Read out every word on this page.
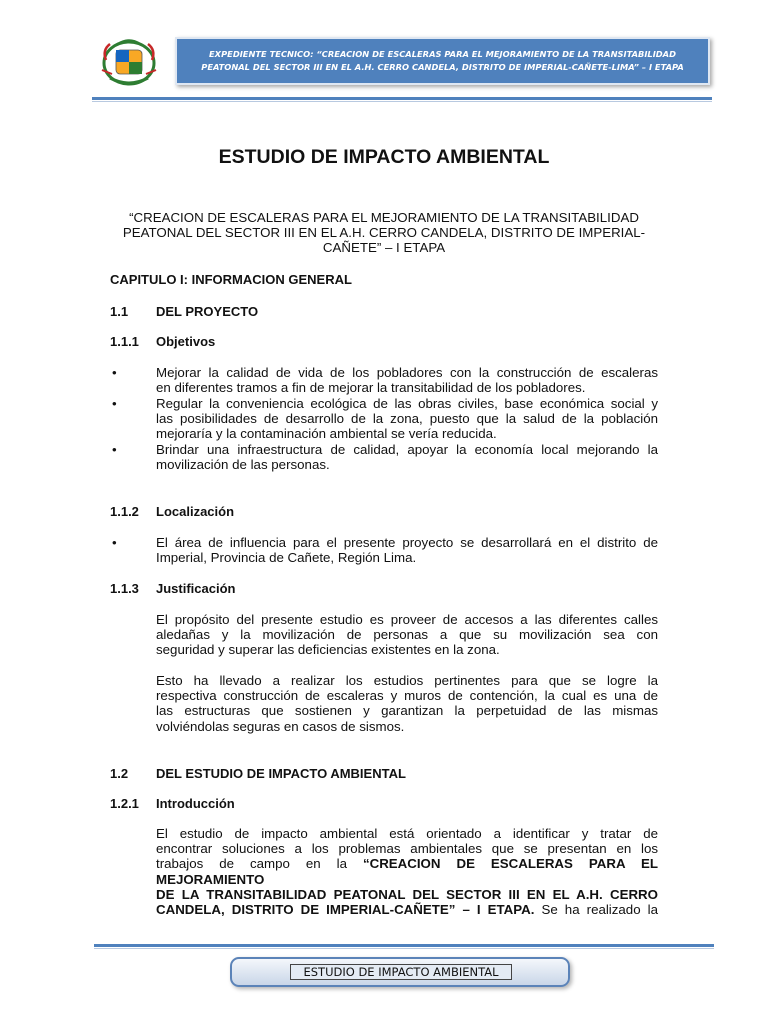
EXPEDIENTE TECNICO: “CREACION DE ESCALERAS PARA EL MEJORAMIENTO DE LA TRANSITABILIDAD
PEATONAL DEL SECTOR III EN EL A.H. CERRO CANDELA, DISTRITO DE IMPERIAL-CAÑETE-LIMA” – I ETAPA
ESTUDIO DE IMPACTO AMBIENTAL
“CREACION DE ESCALERAS PARA EL MEJORAMIENTO DE LA TRANSITABILIDAD
PEATONAL DEL SECTOR III EN EL A.H. CERRO CANDELA, DISTRITO DE IMPERIAL-
CAÑETE” – I ETAPA
CAPITULO I: INFORMACION GENERAL
1.1 DEL PROYECTO
1.1.1 Objetivos
•	Mejorar la calidad de vida de los pobladores con la construcción de escaleras
en diferentes tramos a fin de mejorar la transitabilidad de los pobladores.
•	Regular la conveniencia ecológica de las obras civiles, base económica social y
las posibilidades de desarrollo de la zona, puesto que la salud de la población
mejoraría y la contaminación ambiental se vería reducida.
•	Brindar una infraestructura de calidad, apoyar la economía local mejorando la
movilización de las personas.
1.1.2 Localización
•	El área de influencia para el presente proyecto se desarrollará en el distrito de
Imperial, Provincia de Cañete, Región Lima.
1.1.3 Justificación
El propósito del presente estudio es proveer de accesos a las diferentes calles
aledañas y la movilización de personas a que su movilización sea con
seguridad y superar las deficiencias existentes en la zona.
Esto ha llevado a realizar los estudios pertinentes para que se logre la
respectiva construcción de escaleras y muros de contención, la cual es una de
las estructuras que sostienen y garantizan la perpetuidad de las mismas
volviéndolas seguras en casos de sismos.
1.2 DEL ESTUDIO DE IMPACTO AMBIENTAL
1.2.1 Introducción
El estudio de impacto ambiental está orientado a identificar y tratar de
encontrar soluciones a los problemas ambientales que se presentan en los
trabajos de campo en la “CREACION DE ESCALERAS PARA EL MEJORAMIENTO
DE LA TRANSITABILIDAD PEATONAL DEL SECTOR III EN EL A.H. CERRO
CANDELA, DISTRITO DE IMPERIAL-CAÑETE” – I ETAPA. Se ha realizado la
ESTUDIO DE IMPACTO AMBIENTAL
